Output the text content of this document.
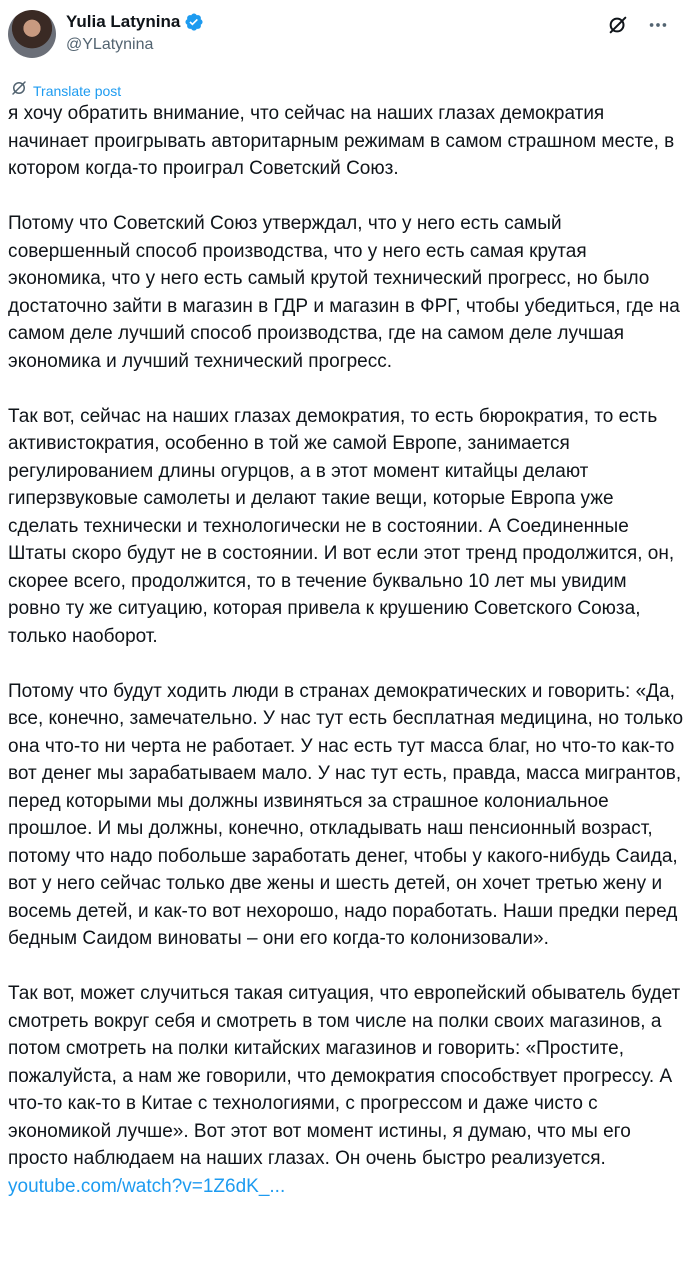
Yulia Latynina
@YLatynina
Translate post

я хочу обратить внимание, что сейчас на наших глазах демократия начинает проигрывать авторитарным режимам в самом страшном месте, в котором когда-то проиграл Советский Союз.

Потому что Советский Союз утверждал, что у него есть самый совершенный способ производства, что у него есть самая крутая экономика, что у него есть самый крутой технический прогресс, но было достаточно зайти в магазин в ГДР и магазин в ФРГ, чтобы убедиться, где на самом деле лучший способ производства, где на самом деле лучшая экономика и лучший технический прогресс.

Так вот, сейчас на наших глазах демократия, то есть бюрократия, то есть активистократия, особенно в той же самой Европе, занимается регулированием длины огурцов, а в этот момент китайцы делают гиперзвуковые самолеты и делают такие вещи, которые Европа уже сделать технически и технологически не в состоянии. А Соединенные Штаты скоро будут не в состоянии. И вот если этот тренд продолжится, он, скорее всего, продолжится, то в течение буквально 10 лет мы увидим ровно ту же ситуацию, которая привела к крушению Советского Союза, только наоборот.

Потому что будут ходить люди в странах демократических и говорить: «Да, все, конечно, замечательно. У нас тут есть бесплатная медицина, но только она что-то ни черта не работает. У нас есть тут масса благ, но что-то как-то вот денег мы зарабатываем мало. У нас тут есть, правда, масса мигрантов, перед которыми мы должны извиняться за страшное колониальное прошлое. И мы должны, конечно, откладывать наш пенсионный возраст, потому что надо побольше заработать денег, чтобы у какого-нибудь Саида, вот у него сейчас только две жены и шесть детей, он хочет третью жену и восемь детей, и как-то вот нехорошо, надо поработать. Наши предки перед бедным Саидом виноваты – они его когда-то колонизовали».

Так вот, может случиться такая ситуация, что европейский обыватель будет смотреть вокруг себя и смотреть в том числе на полки своих магазинов, а потом смотреть на полки китайских магазинов и говорить: «Простите, пожалуйста, а нам же говорили, что демократия способствует прогрессу. А что-то как-то в Китае с технологиями, с прогрессом и даже чисто с экономикой лучше». Вот этот вот момент истины, я думаю, что мы его просто наблюдаем на наших глазах. Он очень быстро реализуется.

youtube.com/watch?v=1Z6dK_...
